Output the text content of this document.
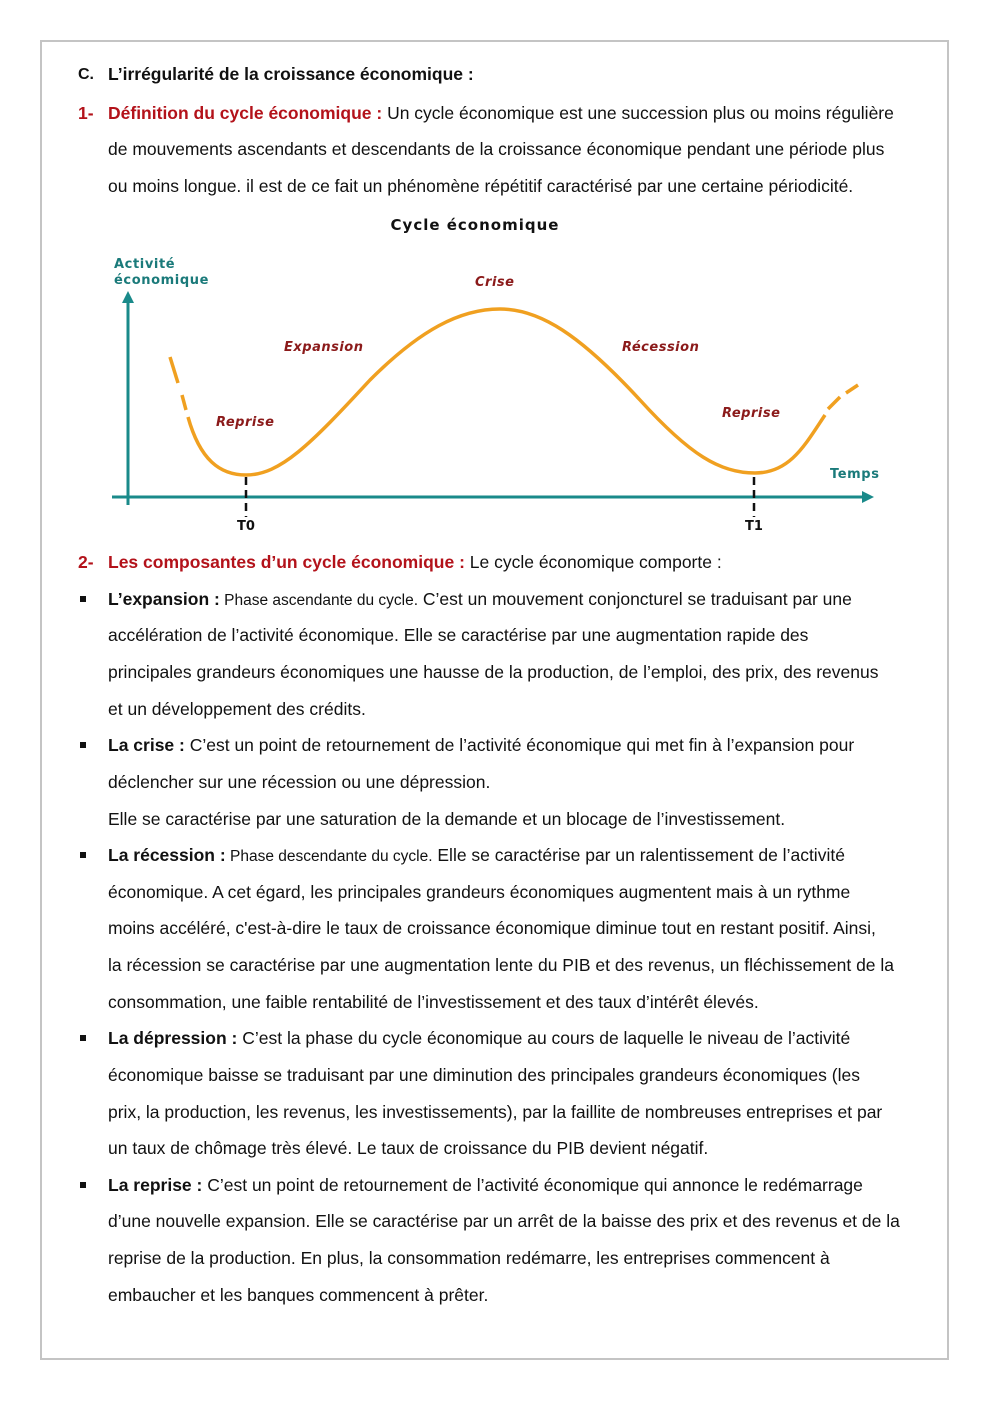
C. L’irrégularité de la croissance économique :
1- Définition du cycle économique : Un cycle économique est une succession plus ou moins régulière
de mouvements ascendants et descendants de la croissance économique pendant une période plus
ou moins longue. il est de ce fait un phénomène répétitif caractérisé par une certaine périodicité.
Cycle économique
Activité
économique
Temps
T0	T1
Reprise
Expansion
Crise
Récession
Reprise
2- Les composantes d’un cycle économique : Le cycle économique comporte :
L’expansion : Phase ascendante du cycle. C’est un mouvement conjoncturel se traduisant par une
accélération de l’activité économique. Elle se caractérise par une augmentation rapide des
principales grandeurs économiques une hausse de la production, de l’emploi, des prix, des revenus
et un développement des crédits.
La crise : C’est un point de retournement de l’activité économique qui met fin à l’expansion pour
déclencher sur une récession ou une dépression.
Elle se caractérise par une saturation de la demande et un blocage de l’investissement.
La récession : Phase descendante du cycle. Elle se caractérise par un ralentissement de l’activité
économique. A cet égard, les principales grandeurs économiques augmentent mais à un rythme
moins accéléré, c'est-à-dire le taux de croissance économique diminue tout en restant positif. Ainsi,
la récession se caractérise par une augmentation lente du PIB et des revenus, un fléchissement de la
consommation, une faible rentabilité de l’investissement et des taux d’intérêt élevés.
La dépression : C’est la phase du cycle économique au cours de laquelle le niveau de l’activité
économique baisse se traduisant par une diminution des principales grandeurs économiques (les
prix, la production, les revenus, les investissements), par la faillite de nombreuses entreprises et par
un taux de chômage très élevé. Le taux de croissance du PIB devient négatif.
La reprise : C’est un point de retournement de l’activité économique qui annonce le redémarrage
d’une nouvelle expansion. Elle se caractérise par un arrêt de la baisse des prix et des revenus et de la
reprise de la production. En plus, la consommation redémarre, les entreprises commencent à
embaucher et les banques commencent à prêter.
